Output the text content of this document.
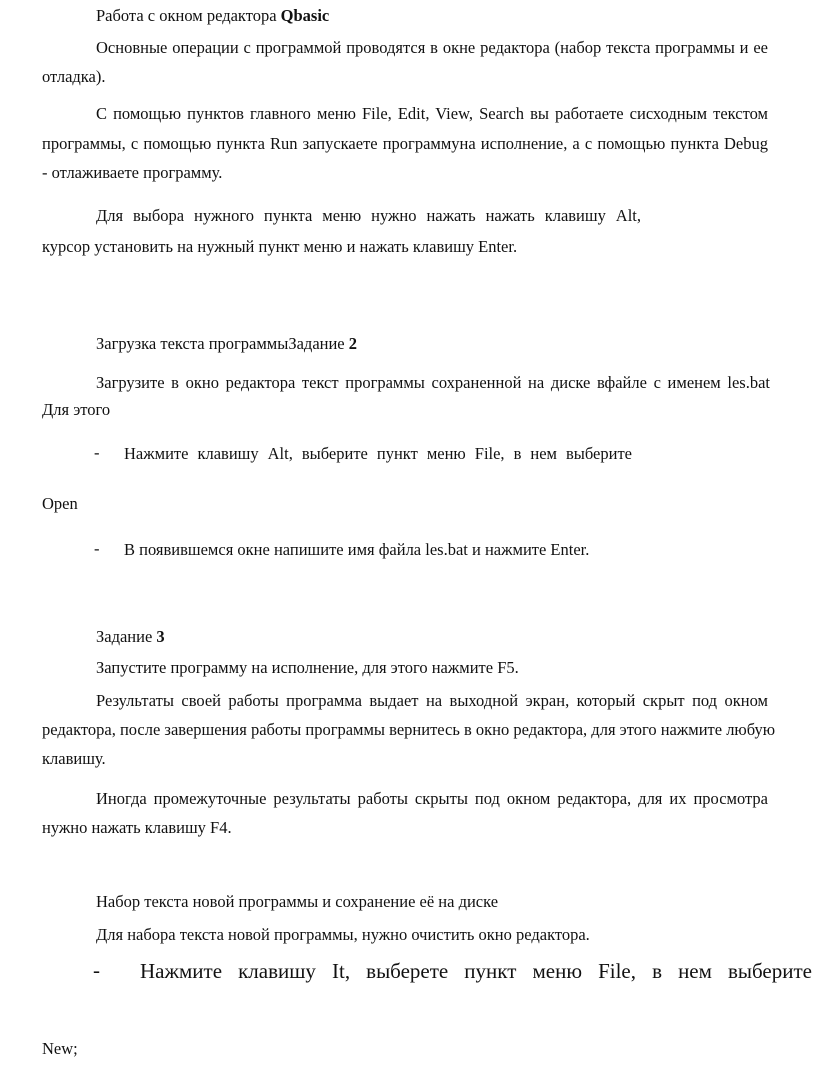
Работа с окном редактора Qbasic
Основные операции с программой проводятся в окне редактора (набор текста программы и ее
отладка).
С помощью пунктов главного меню File, Edit, View, Search вы работаете сисходным текстом
программы, с помощью пункта Run запускаете программуна исполнение, а с помощью пункта Debug
- отлаживаете программу.
Для выбора нужного пункта меню нужно нажать нажать клавишу Alt,
курсор установить на нужный пункт меню и нажать клавишу Enter.
Загрузка текста программыЗадание 2
Загрузите в окно редактора текст программы сохраненной на диске вфайле с именем les.bat
Для этого
- Нажмите клавишу Alt, выберите пункт меню File, в нем выберите
Open
- В появившемся окне напишите имя файла les.bat и нажмите Enter.
Задание 3
Запустите программу на исполнение, для этого нажмите F5.
Результаты своей работы программа выдает на выходной экран, который скрыт под окном
редактора, после завершения работы программы вернитесь в окно редактора, для этого нажмите любую
клавишу.
Иногда промежуточные результаты работы скрыты под окном редактора, для их просмотра
нужно нажать клавишу F4.
Набор текста новой программы и сохранение её на диске
Для набора текста новой программы, нужно очистить окно редактора.
- Нажмите клавишу It, выберете пункт меню File, в нем выберите
New;
